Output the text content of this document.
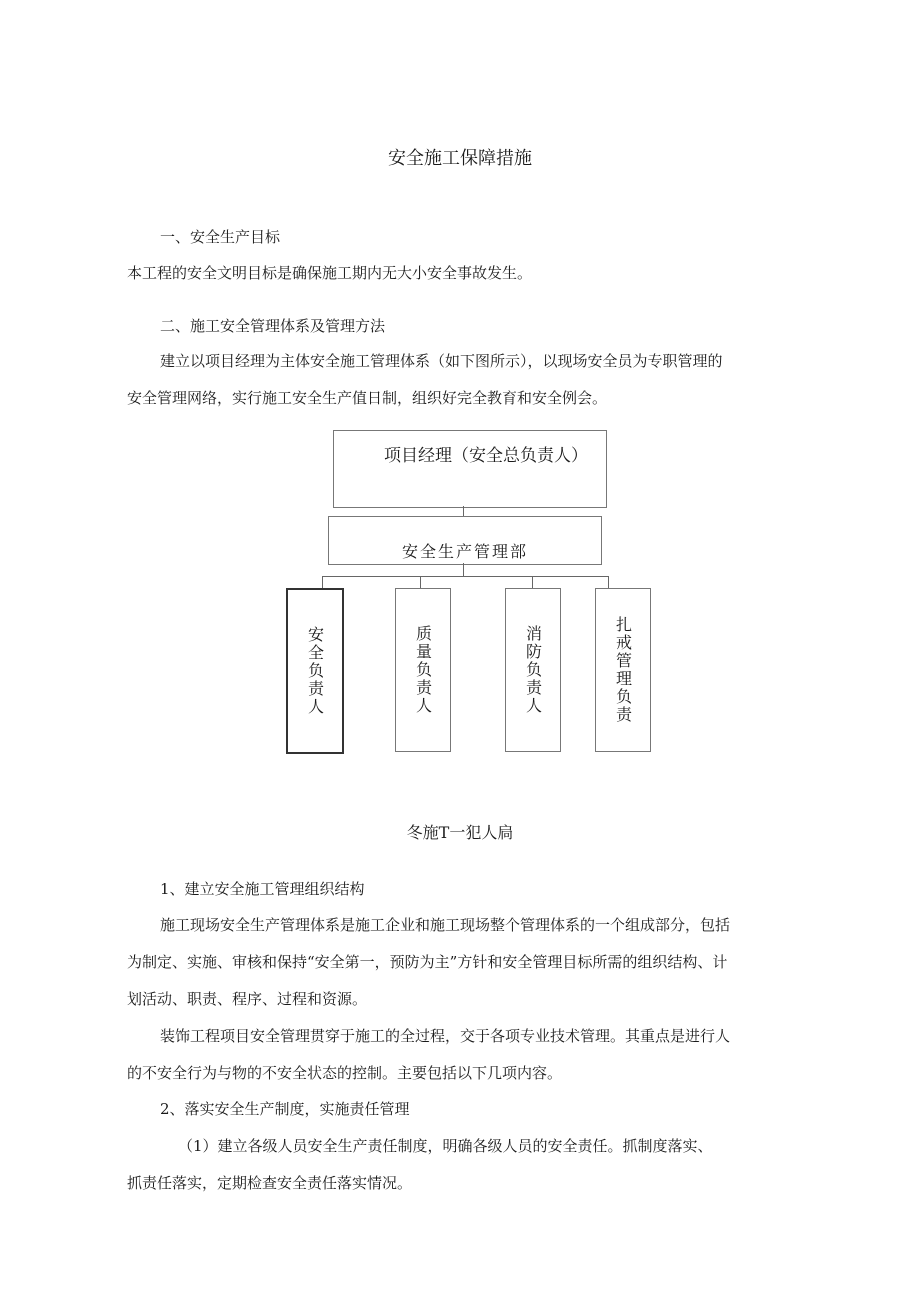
安全施工保障措施
一、安全生产目标
本工程的安全文明目标是确保施工期内无大小安全事故发生。
二、施工安全管理体系及管理方法
建立以项目经理为主体安全施工管理体系（如下图所示），以现场安全员为专职管理的
安全管理网络，实行施工安全生产值日制，组织好完全教育和安全例会。
项目经理（安全总负责人）
安全生产管理部
安全负责人	质量负责人	消防负责人	扎戒管理负责
冬施T一犯人扃
1、建立安全施工管理组织结构
施工现场安全生产管理体系是施工企业和施工现场整个管理体系的一个组成部分，包括
为制定、实施、审核和保持“安全第一，预防为主”方针和安全管理目标所需的组织结构、计
划活动、职责、程序、过程和资源。
装饰工程项目安全管理贯穿于施工的全过程，交于各项专业技术管理。其重点是进行人
的不安全行为与物的不安全状态的控制。主要包括以下几项内容。
2、落实安全生产制度，实施责任管理
（1）建立各级人员安全生产责任制度，明确各级人员的安全责任。抓制度落实、
抓责任落实，定期检查安全责任落实情况。
